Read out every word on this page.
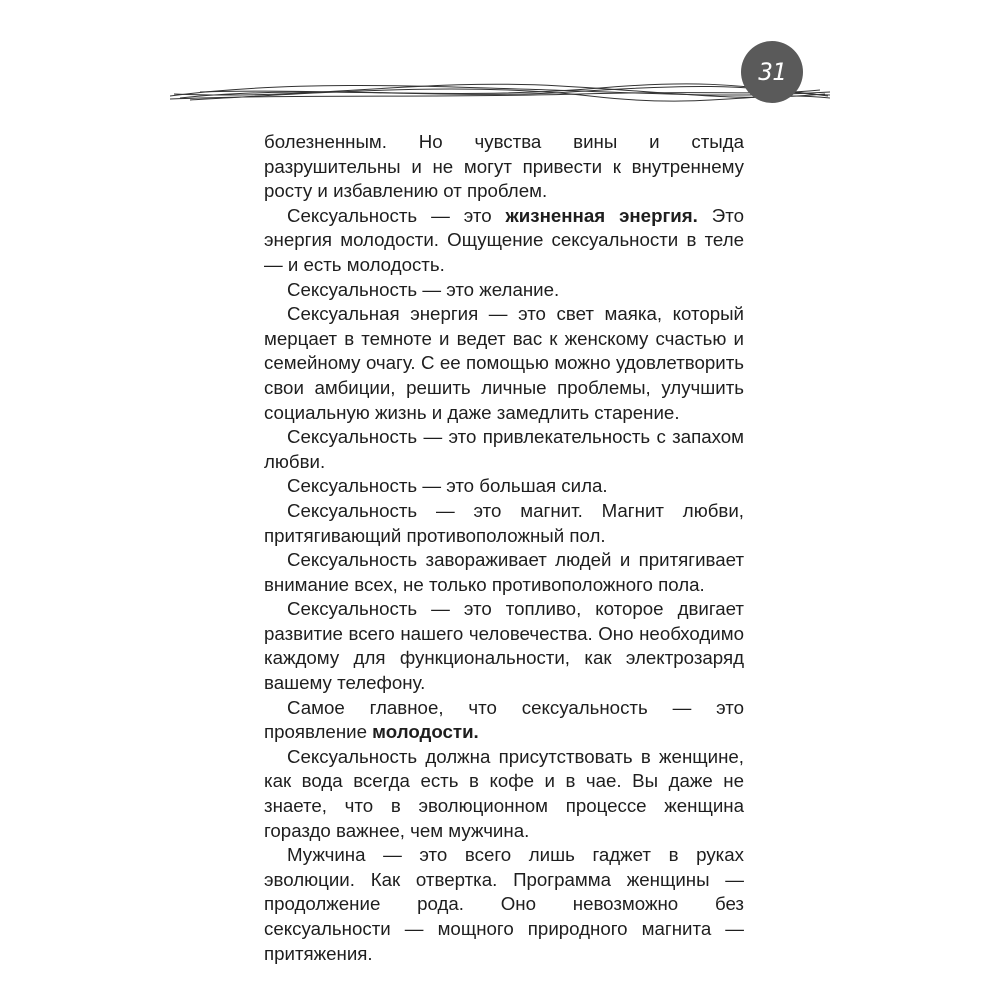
31

болезненным. Но чувства вины и стыда разрушительны и не могут привести к внутреннему росту и избавлению от проблем.

Сексуальность — это жизненная энергия. Это энергия молодости. Ощущение сексуальности в теле — и есть молодость.

Сексуальность — это желание.

Сексуальная энергия — это свет маяка, который мерцает в темноте и ведет вас к женскому счастью и семейному очагу. С ее помощью можно удовлетворить свои амбиции, решить личные проблемы, улучшить социальную жизнь и даже замедлить старение.

Сексуальность — это привлекательность с запахом любви.

Сексуальность — это большая сила.

Сексуальность — это магнит. Магнит любви, притягивающий противоположный пол.

Сексуальность завораживает людей и притягивает внимание всех, не только противоположного пола.

Сексуальность — это топливо, которое двигает развитие всего нашего человечества. Оно необходимо каждому для функциональности, как электрозаряд вашему телефону.

Самое главное, что сексуальность — это проявление молодости.

Сексуальность должна присутствовать в женщине, как вода всегда есть в кофе и в чае. Вы даже не знаете, что в эволюционном процессе женщина гораздо важнее, чем мужчина.

Мужчина — это всего лишь гаджет в руках эволюции. Как отвертка. Программа женщины — продолжение рода. Оно невозможно без сексуальности — мощного природного магнита — притяжения.
